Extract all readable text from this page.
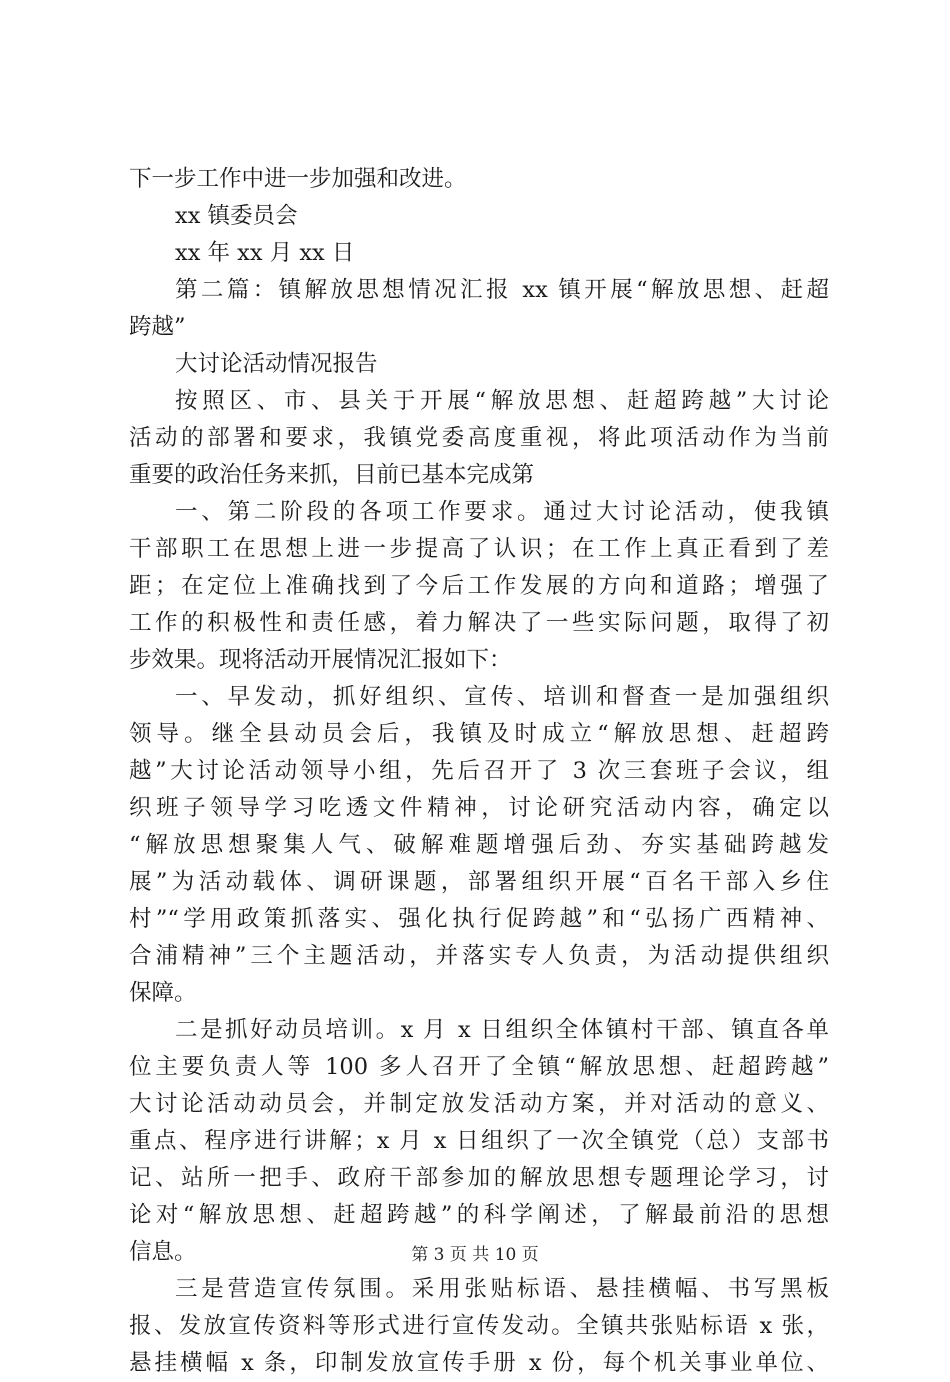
下一步工作中进一步加强和改进。
xx 镇委员会
xx 年 xx 月 xx 日
第二篇：镇解放思想情况汇报 xx 镇开展“解放思想、赶超
跨越”
大讨论活动情况报告
按照区、市、县关于开展“解放思想、赶超跨越”大讨论
活动的部署和要求，我镇党委高度重视，将此项活动作为当前
重要的政治任务来抓，目前已基本完成第
一、第二阶段的各项工作要求。通过大讨论活动，使我镇
干部职工在思想上进一步提高了认识；在工作上真正看到了差
距；在定位上准确找到了今后工作发展的方向和道路；增强了
工作的积极性和责任感，着力解决了一些实际问题，取得了初
步效果。现将活动开展情况汇报如下：
一、早发动，抓好组织、宣传、培训和督查一是加强组织
领导。继全县动员会后，我镇及时成立“解放思想、赶超跨
越”大讨论活动领导小组，先后召开了 3 次三套班子会议，组
织班子领导学习吃透文件精神，讨论研究活动内容，确定以
“解放思想聚集人气、破解难题增强后劲、夯实基础跨越发
展”为活动载体、调研课题，部署组织开展“百名干部入乡住
村”“学用政策抓落实、强化执行促跨越”和“弘扬广西精神、
合浦精神”三个主题活动，并落实专人负责，为活动提供组织
保障。
二是抓好动员培训。x 月 x 日组织全体镇村干部、镇直各单
位主要负责人等 100 多人召开了全镇“解放思想、赶超跨越”
大讨论活动动员会，并制定放发活动方案，并对活动的意义、
重点、程序进行讲解；x 月 x 日组织了一次全镇党（总）支部书
记、站所一把手、政府干部参加的解放思想专题理论学习，讨
论对“解放思想、赶超跨越”的科学阐述，了解最前沿的思想
信息。
三是营造宣传氛围。采用张贴标语、悬挂横幅、书写黑板
报、发放宣传资料等形式进行宣传发动。全镇共张贴标语 x 张，
悬挂横幅 x 条，印制发放宣传手册 x 份，每个机关事业单位、
第 3 页 共 10 页
